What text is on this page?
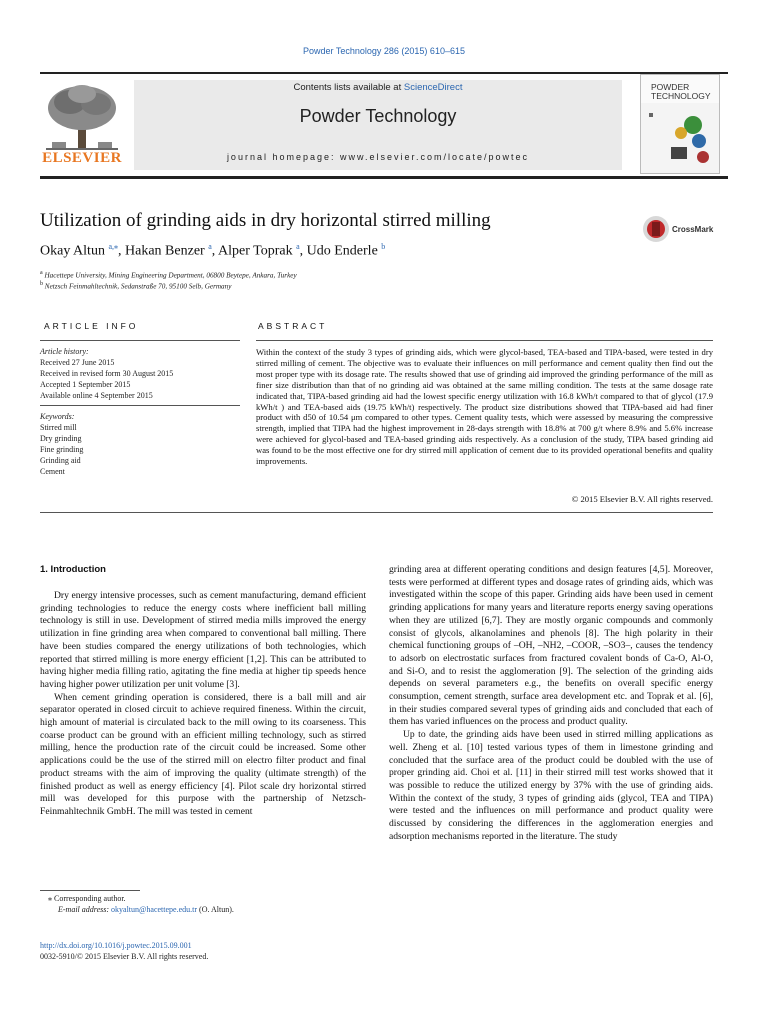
Powder Technology 286 (2015) 610–615
ELSEVIER
Contents lists available at ScienceDirect
Powder Technology
journal homepage: www.elsevier.com/locate/powtec
POWDER TECHNOLOGY
Utilization of grinding aids in dry horizontal stirred milling	CrossMark
Okay Altun $^{a,⁎}$, Hakan Benzer $^a$, Alper Toprak $^a$, Udo Enderle $^b$
$^a$ Hacettepe University, Mining Engineering Department, 06800 Beytepe, Ankara, Turkey
$^b$ Netzsch Feinmahltechnik, Sedanstraße 70, 95100 Selb, Germany
ARTICLE INFO
Article history:
Received 27 June 2015
Received in revised form 30 August 2015
Accepted 1 September 2015
Available online 4 September 2015
Keywords:
Stirred mill
Dry grinding
Fine grinding
Grinding aid
Cement
ABSTRACT
Within the context of the study 3 types of grinding aids, which were glycol-based, TEA-based and TIPA-based, were tested in dry stirred milling of cement. The objective was to evaluate their influences on mill performance and cement quality then find out the most proper type with its dosage rate. The results showed that use of grinding aid improved the grinding performance of the mill as finer size distribution than that of no grinding aid was obtained at the same milling condition. The tests at the same dosage rate indicated that, TIPA-based grinding aid had the lowest specific energy utilization with 16.8 kWh/t compared to that of glycol (17.9 kWh/t ) and TEA-based aids (19.75 kWh/t) respectively. The product size distributions showed that TIPA-based aid had finer product with d50 of 10.54 μm compared to other types. Cement quality tests, which were assessed by measuring the compressive strength, implied that TIPA had the highest improvement in 28-days strength with 18.8% at 700 g/t where 8.9% and 5.6% increase were achieved for glycol-based and TEA-based grinding aids respectively. As a conclusion of the study, TIPA based grinding aid was found to be the most effective one for dry stirred mill application of cement due to its provided operational benefits and quality improvements.
© 2015 Elsevier B.V. All rights reserved.
1. Introduction

Dry energy intensive processes, such as cement manufacturing, demand efficient grinding technologies to reduce the energy costs where inefficient ball milling technology is still in use. Development of stirred media mills improved the energy utilization in fine grinding area when compared to conventional ball milling. There have been studies compared the energy utilizations of both technologies, which reported that stirred milling is more energy efficient [1,2]. This can be attributed to having higher media filling ratio, agitating the fine media at higher tip speeds hence having higher power utilization per unit volume [3].

When cement grinding operation is considered, there is a ball mill and air separator operated in closed circuit to achieve required fineness. Within the circuit, high amount of material is circulated back to the mill owing to its coarseness. This coarse product can be ground with an efficient milling technology, such as stirred milling, hence the production rate of the circuit could be increased. Some other applications could be the use of the stirred mill on electro filter product and final product streams with the aim of improving the quality (ultimate strength) of the finished product as well as energy efficiency [4]. Pilot scale dry horizontal stirred mill was developed for this purpose with the partnership of Netzsch-Feinmahltechnik GmbH. The mill was tested in cement

grinding area at different operating conditions and design features [4,5]. Moreover, tests were performed at different types and dosage rates of grinding aids, which was investigated within the scope of this paper. Grinding aids have been used in cement grinding applications for many years and literature reports energy saving operations when they are utilized [6,7]. They are mostly organic compounds and commonly consist of glycols, alkanolamines and phenols [8]. The high polarity in their chemical functioning groups of –OH, –NH2, –COOR, –SO3–, causes the tendency to adsorb on electrostatic surfaces from fractured covalent bonds of Ca-O, Al-O, and Si-O, and to resist the agglomeration [9]. The selection of the grinding aids depends on several parameters e.g., the benefits on overall specific energy consumption, cement strength, surface area development etc. and Toprak et al. [6], in their studies compared several types of grinding aids and concluded that each of them has varied influences on the process and product quality.

Up to date, the grinding aids have been used in stirred milling applications as well. Zheng et al. [10] tested various types of them in limestone grinding and concluded that the surface area of the product could be doubled with the use of proper grinding aid. Choi et al. [11] in their stirred mill test works showed that it was possible to reduce the utilized energy by 37% with the use of grinding aids. Within the context of the study, 3 types of grinding aids (glycol, TEA and TIPA) were tested and the influences on mill performance and product quality were discussed by considering the differences in the agglomeration energies and adsorption mechanisms reported in the literature. The study

⁎ Corresponding author.
E-mail address: okyaltun@hacettepe.edu.tr (O. Altun).
http://dx.doi.org/10.1016/j.powtec.2015.09.001
0032-5910/© 2015 Elsevier B.V. All rights reserved.
